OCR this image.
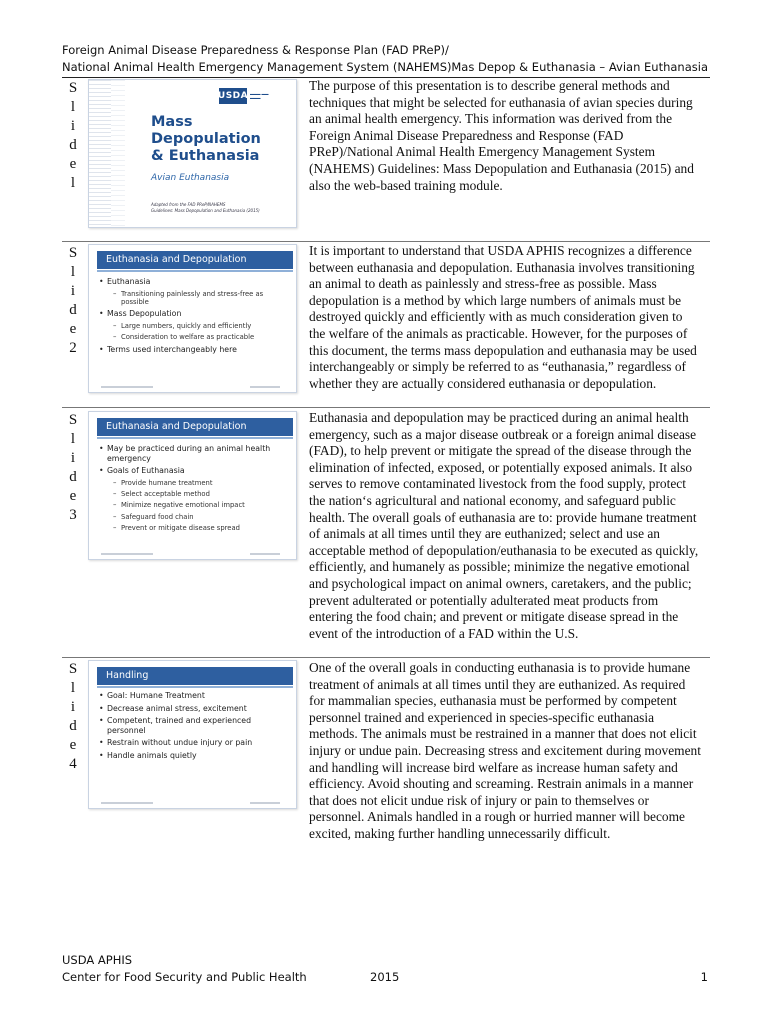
Foreign Animal Disease Preparedness & Response Plan (FAD PReP)/
National Animal Health Emergency Management System (NAHEMS) Mas Depop & Euthanasia – Avian Euthanasia
S
l
i
d
e
l
USDA ▬▬▬ ▬▬ ▬▬▬
Mass
Depopulation
& Euthanasia
Avian Euthanasia
Adapted from the FAD PReP/NAHEMS
Guidelines: Mass Depopulation and Euthanasia (2015)
The purpose of this presentation is to describe general methods and techniques that might be selected for euthanasia of avian species during an animal health emergency. This information was derived from the Foreign Animal Disease Preparedness and Response (FAD PReP)/National Animal Health Emergency Management System (NAHEMS) Guidelines: Mass Depopulation and Euthanasia (2015) and also the web-based training module.
S
l
i
d
e
2
Euthanasia and Depopulation
• Euthanasia
– Transitioning painlessly and stress-free as possible
• Mass Depopulation
– Large numbers, quickly and efficiently
– Consideration to welfare as practicable
• Terms used interchangeably here
It is important to understand that USDA APHIS recognizes a difference between euthanasia and depopulation. Euthanasia involves transitioning an animal to death as painlessly and stress-free as possible. Mass depopulation is a method by which large numbers of animals must be destroyed quickly and efficiently with as much consideration given to the welfare of the animals as practicable. However, for the purposes of this document, the terms mass depopulation and euthanasia may be used interchangeably or simply be referred to as “euthanasia,” regardless of whether they are actually considered euthanasia or depopulation.
S
l
i
d
e
3
Euthanasia and Depopulation
• May be practiced during an animal health emergency
• Goals of Euthanasia
– Provide humane treatment
– Select acceptable method
– Minimize negative emotional impact
– Safeguard food chain
– Prevent or mitigate disease spread
Euthanasia and depopulation may be practiced during an animal health emergency, such as a major disease outbreak or a foreign animal disease (FAD), to help prevent or mitigate the spread of the disease through the elimination of infected, exposed, or potentially exposed animals. It also serves to remove contaminated livestock from the food supply, protect the nation‘s agricultural and national economy, and safeguard public health. The overall goals of euthanasia are to: provide humane treatment of animals at all times until they are euthanized; select and use an acceptable method of depopulation/euthanasia to be executed as quickly, efficiently, and humanely as possible; minimize the negative emotional and psychological impact on animal owners, caretakers, and the public; prevent adulterated or potentially adulterated meat products from entering the food chain; and prevent or mitigate disease spread in the event of the introduction of a FAD within the U.S.
S
l
i
d
e
4
Handling
• Goal: Humane Treatment
• Decrease animal stress, excitement
• Competent, trained and experienced personnel
• Restrain without undue injury or pain
• Handle animals quietly
One of the overall goals in conducting euthanasia is to provide humane treatment of animals at all times until they are euthanized. As required for mammalian species, euthanasia must be performed by competent personnel trained and experienced in species-specific euthanasia methods. The animals must be restrained in a manner that does not elicit injury or undue pain. Decreasing stress and excitement during movement and handling will increase bird welfare as increase human safety and efficiency. Avoid shouting and screaming. Restrain animals in a manner that does not elicit undue risk of injury or pain to themselves or personnel. Animals handled in a rough or hurried manner will become excited, making further handling unnecessarily difficult.
USDA APHIS
Center for Food Security and Public Health	2015	1
